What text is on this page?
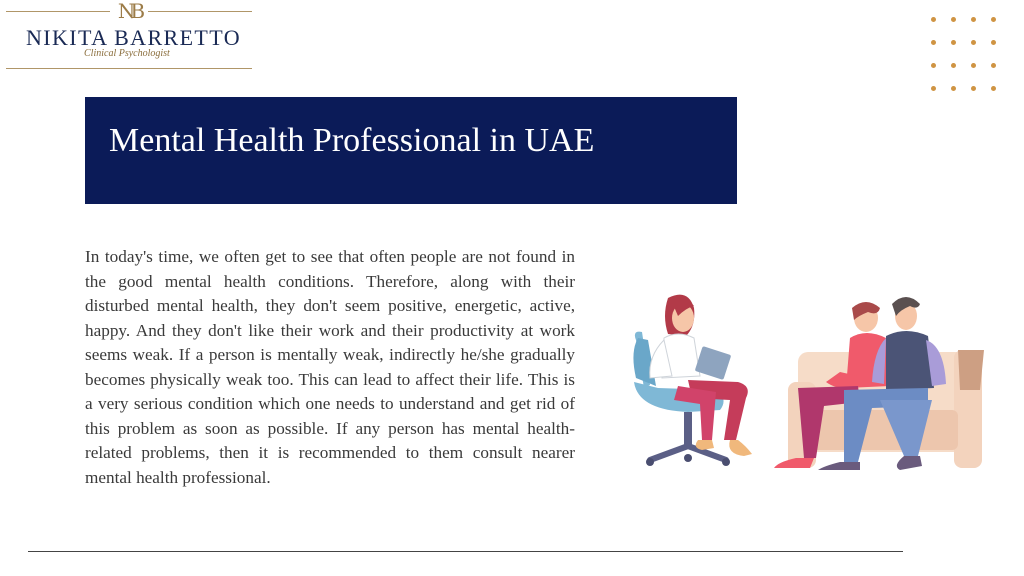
NB
NIKITA BARRETTO
Clinical Psychologist
Mental Health Professional in UAE

In today's time, we often get to see that often people are not found in the good mental health conditions. Therefore, along with their disturbed mental health, they don't seem positive, energetic, active, happy. And they don't like their work and their productivity at work seems weak. If a person is mentally weak, indirectly he/she gradually becomes physically weak too. This can lead to affect their life. This is a very serious condition which one needs to understand and get rid of this problem as soon as possible. If any person has mental health-related problems, then it is recommended to them consult nearer mental health professional.
